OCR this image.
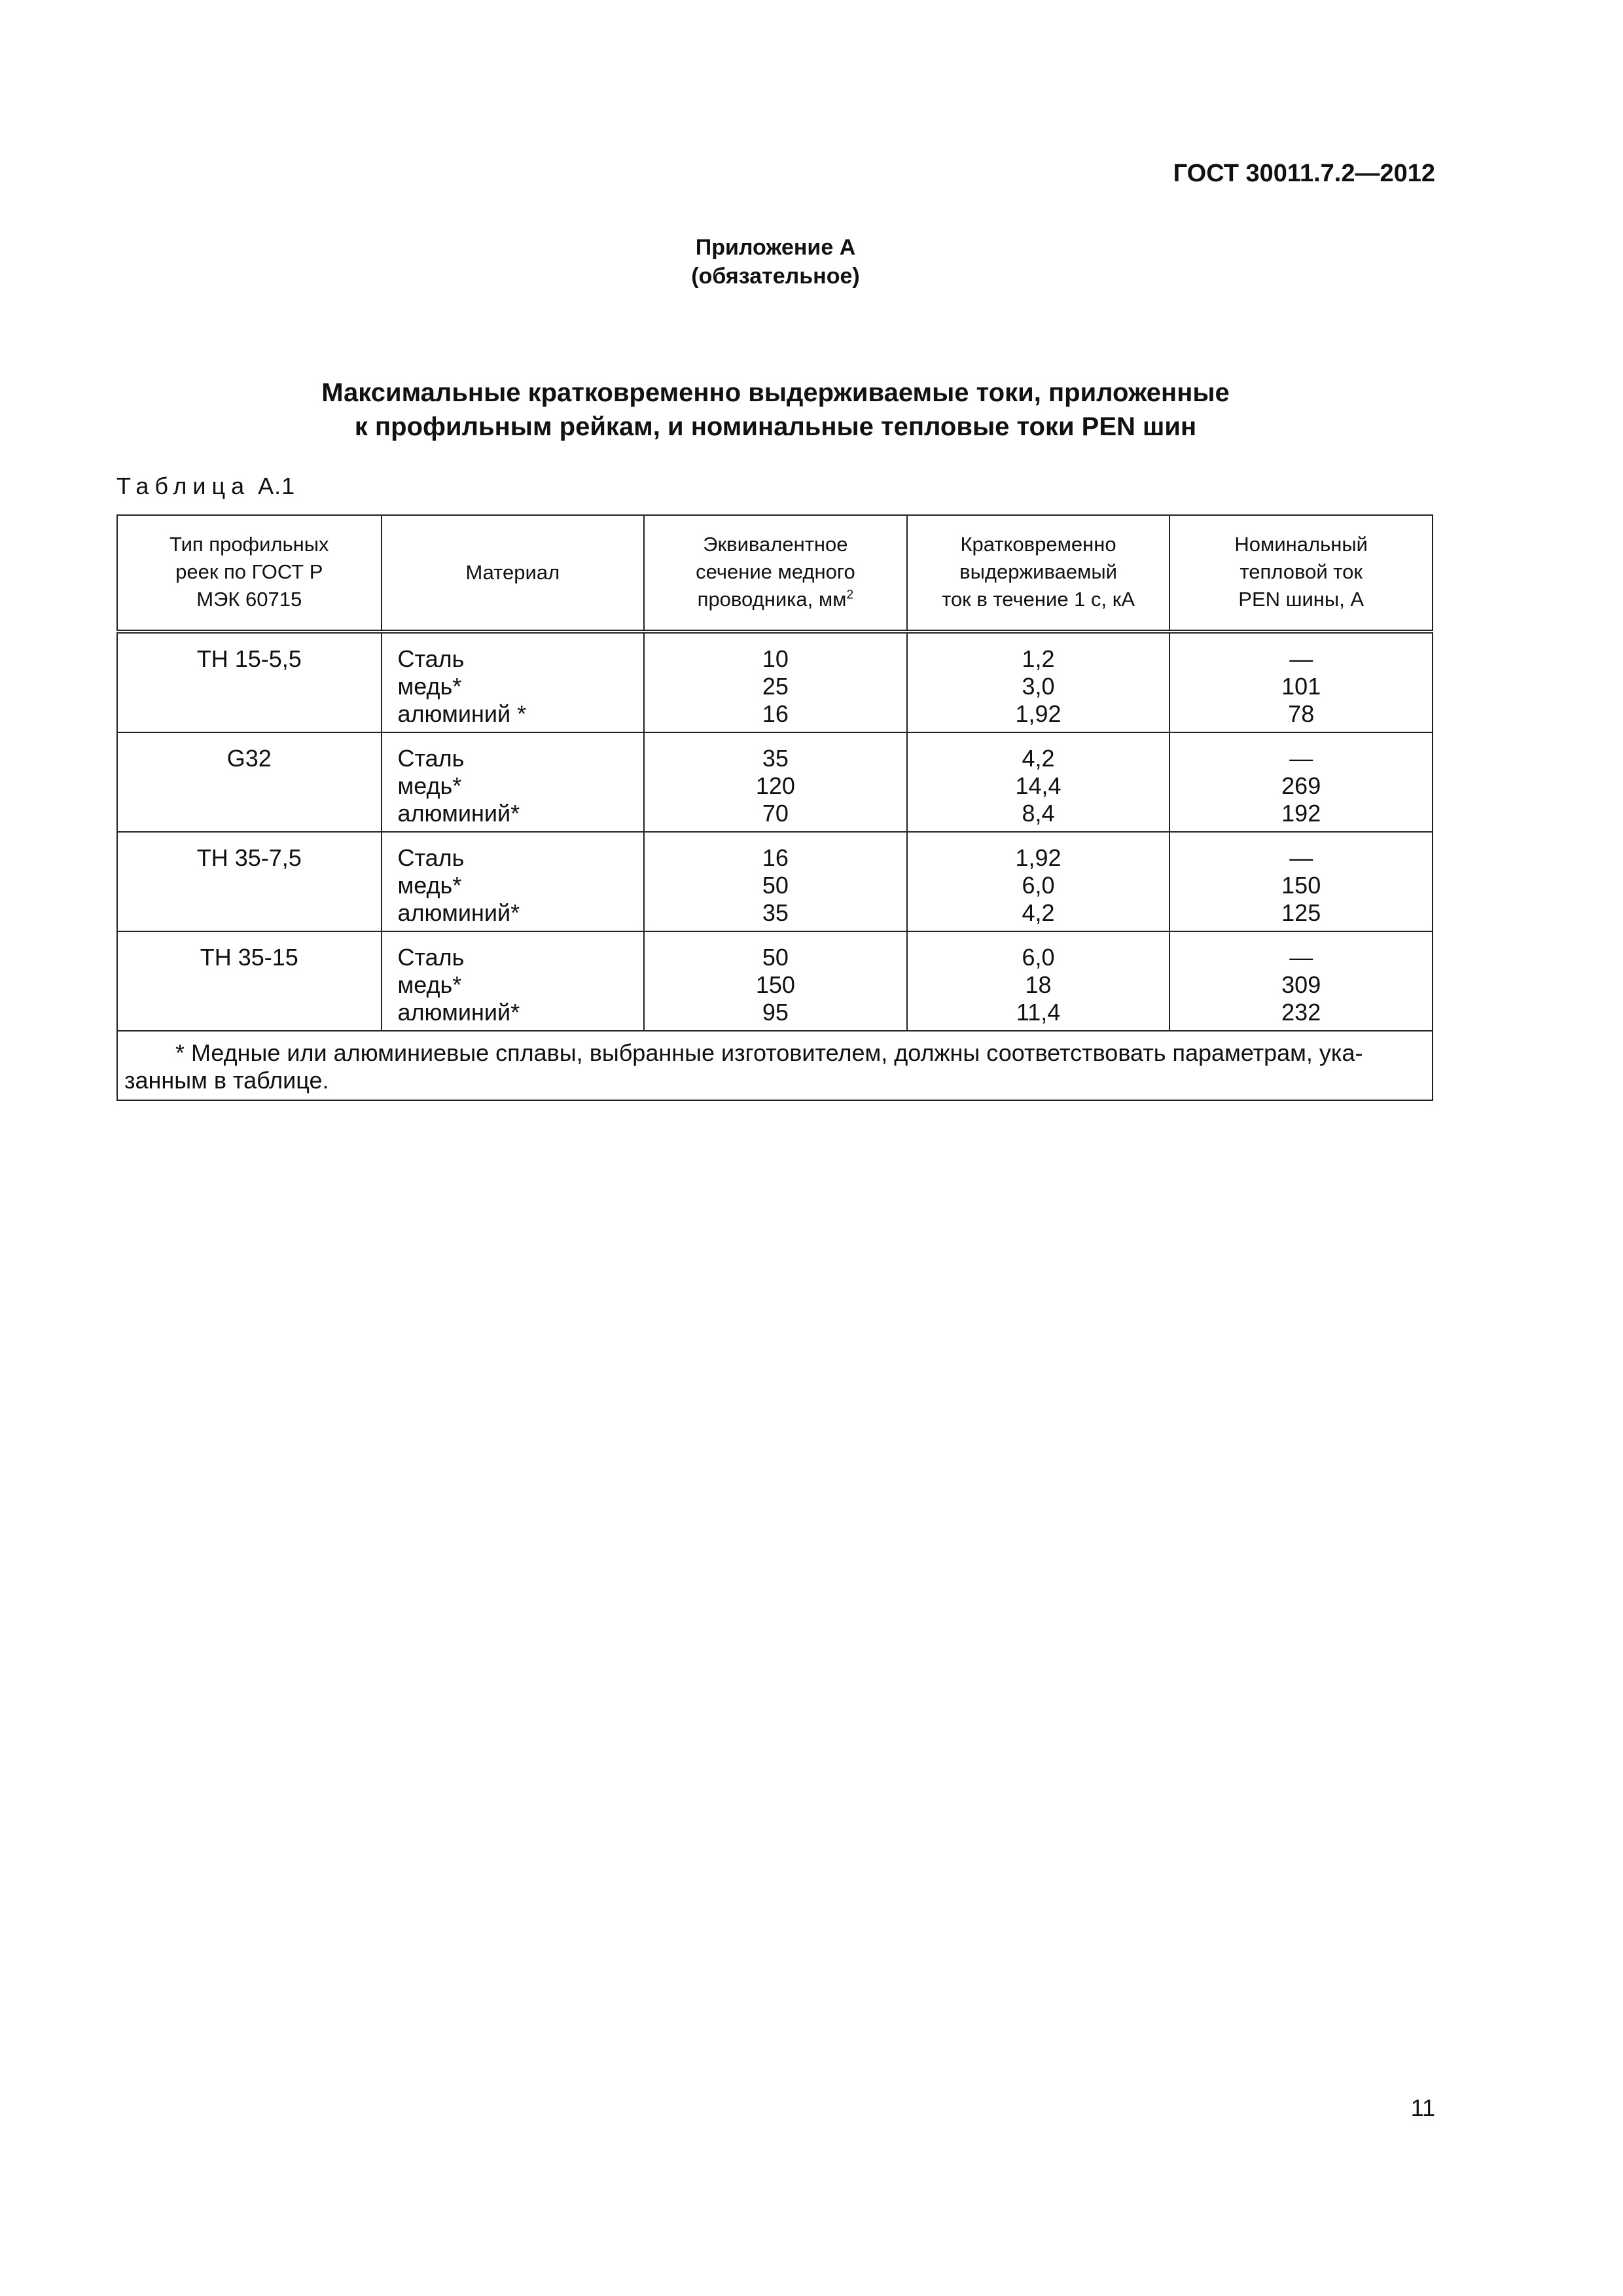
ГОСТ 30011.7.2—2012
Приложение А
(обязательное)
Максимальные кратковременно выдерживаемые токи, приложенные
к профильным рейкам, и номинальные тепловые токи PEN шин
Таблица А.1
Тип профильных
реек по ГОСТ Р
МЭК 60715	Материал	Эквивалентное
сечение медного
проводника, $мм^2$	Кратковременно
выдерживаемый
ток в течение 1 с, кА	Номинальный
тепловой ток
PEN шины, А

ТН 15-5,5	Сталь
медь*
алюминий *	10
25
16	1,2
3,0
1,92	—
101
78

G32	Сталь
медь*
алюминий*	35
120
70	4,2
14,4
8,4	—
269
192

ТН 35-7,5	Сталь
медь*
алюминий*	16
50
35	1,92
6,0
4,2	—
150
125

ТН 35-15	Сталь
медь*
алюминий*	50
150
95	6,0
18
11,4	—
309
232

* Медные или алюминиевые сплавы, выбранные изготовителем, должны соответствовать параметрам, ука-
занным в таблице.				
11
